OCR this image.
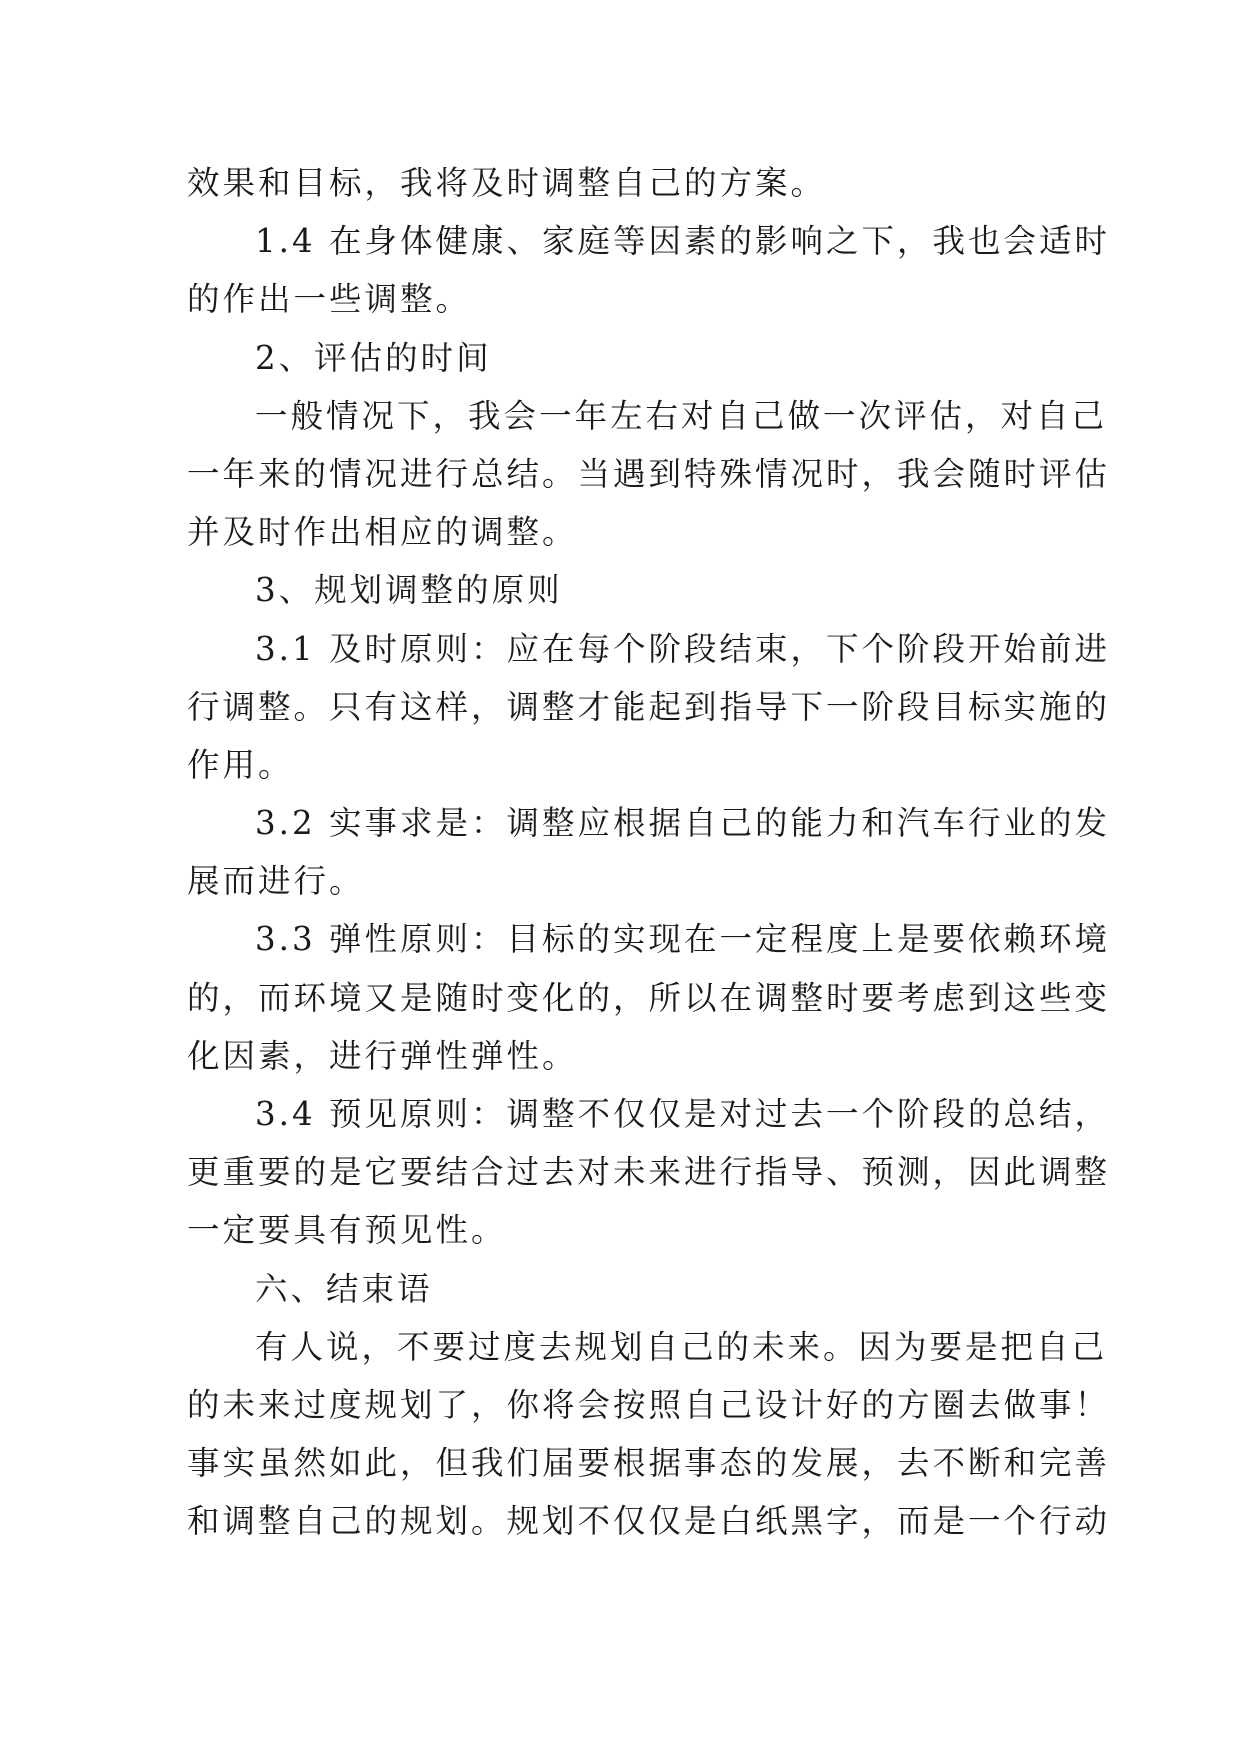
效果和目标，我将及时调整自己的方案。
1.4 在身体健康、家庭等因素的影响之下，我也会适时
的作出一些调整。
2、评估的时间
一般情况下，我会一年左右对自己做一次评估，对自己
一年来的情况进行总结。当遇到特殊情况时，我会随时评估
并及时作出相应的调整。
3、规划调整的原则
3.1 及时原则：应在每个阶段结束，下个阶段开始前进
行调整。只有这样，调整才能起到指导下一阶段目标实施的
作用。
3.2 实事求是：调整应根据自己的能力和汽车行业的发
展而进行。
3.3 弹性原则：目标的实现在一定程度上是要依赖环境
的，而环境又是随时变化的，所以在调整时要考虑到这些变
化因素，进行弹性弹性。
3.4 预见原则：调整不仅仅是对过去一个阶段的总结，
更重要的是它要结合过去对未来进行指导、预测，因此调整
一定要具有预见性。
六、结束语
有人说，不要过度去规划自己的未来。因为要是把自己
的未来过度规划了，你将会按照自己设计好的方圈去做事！
事实虽然如此，但我们届要根据事态的发展，去不断和完善
和调整自己的规划。规划不仅仅是白纸黑字，而是一个行动
